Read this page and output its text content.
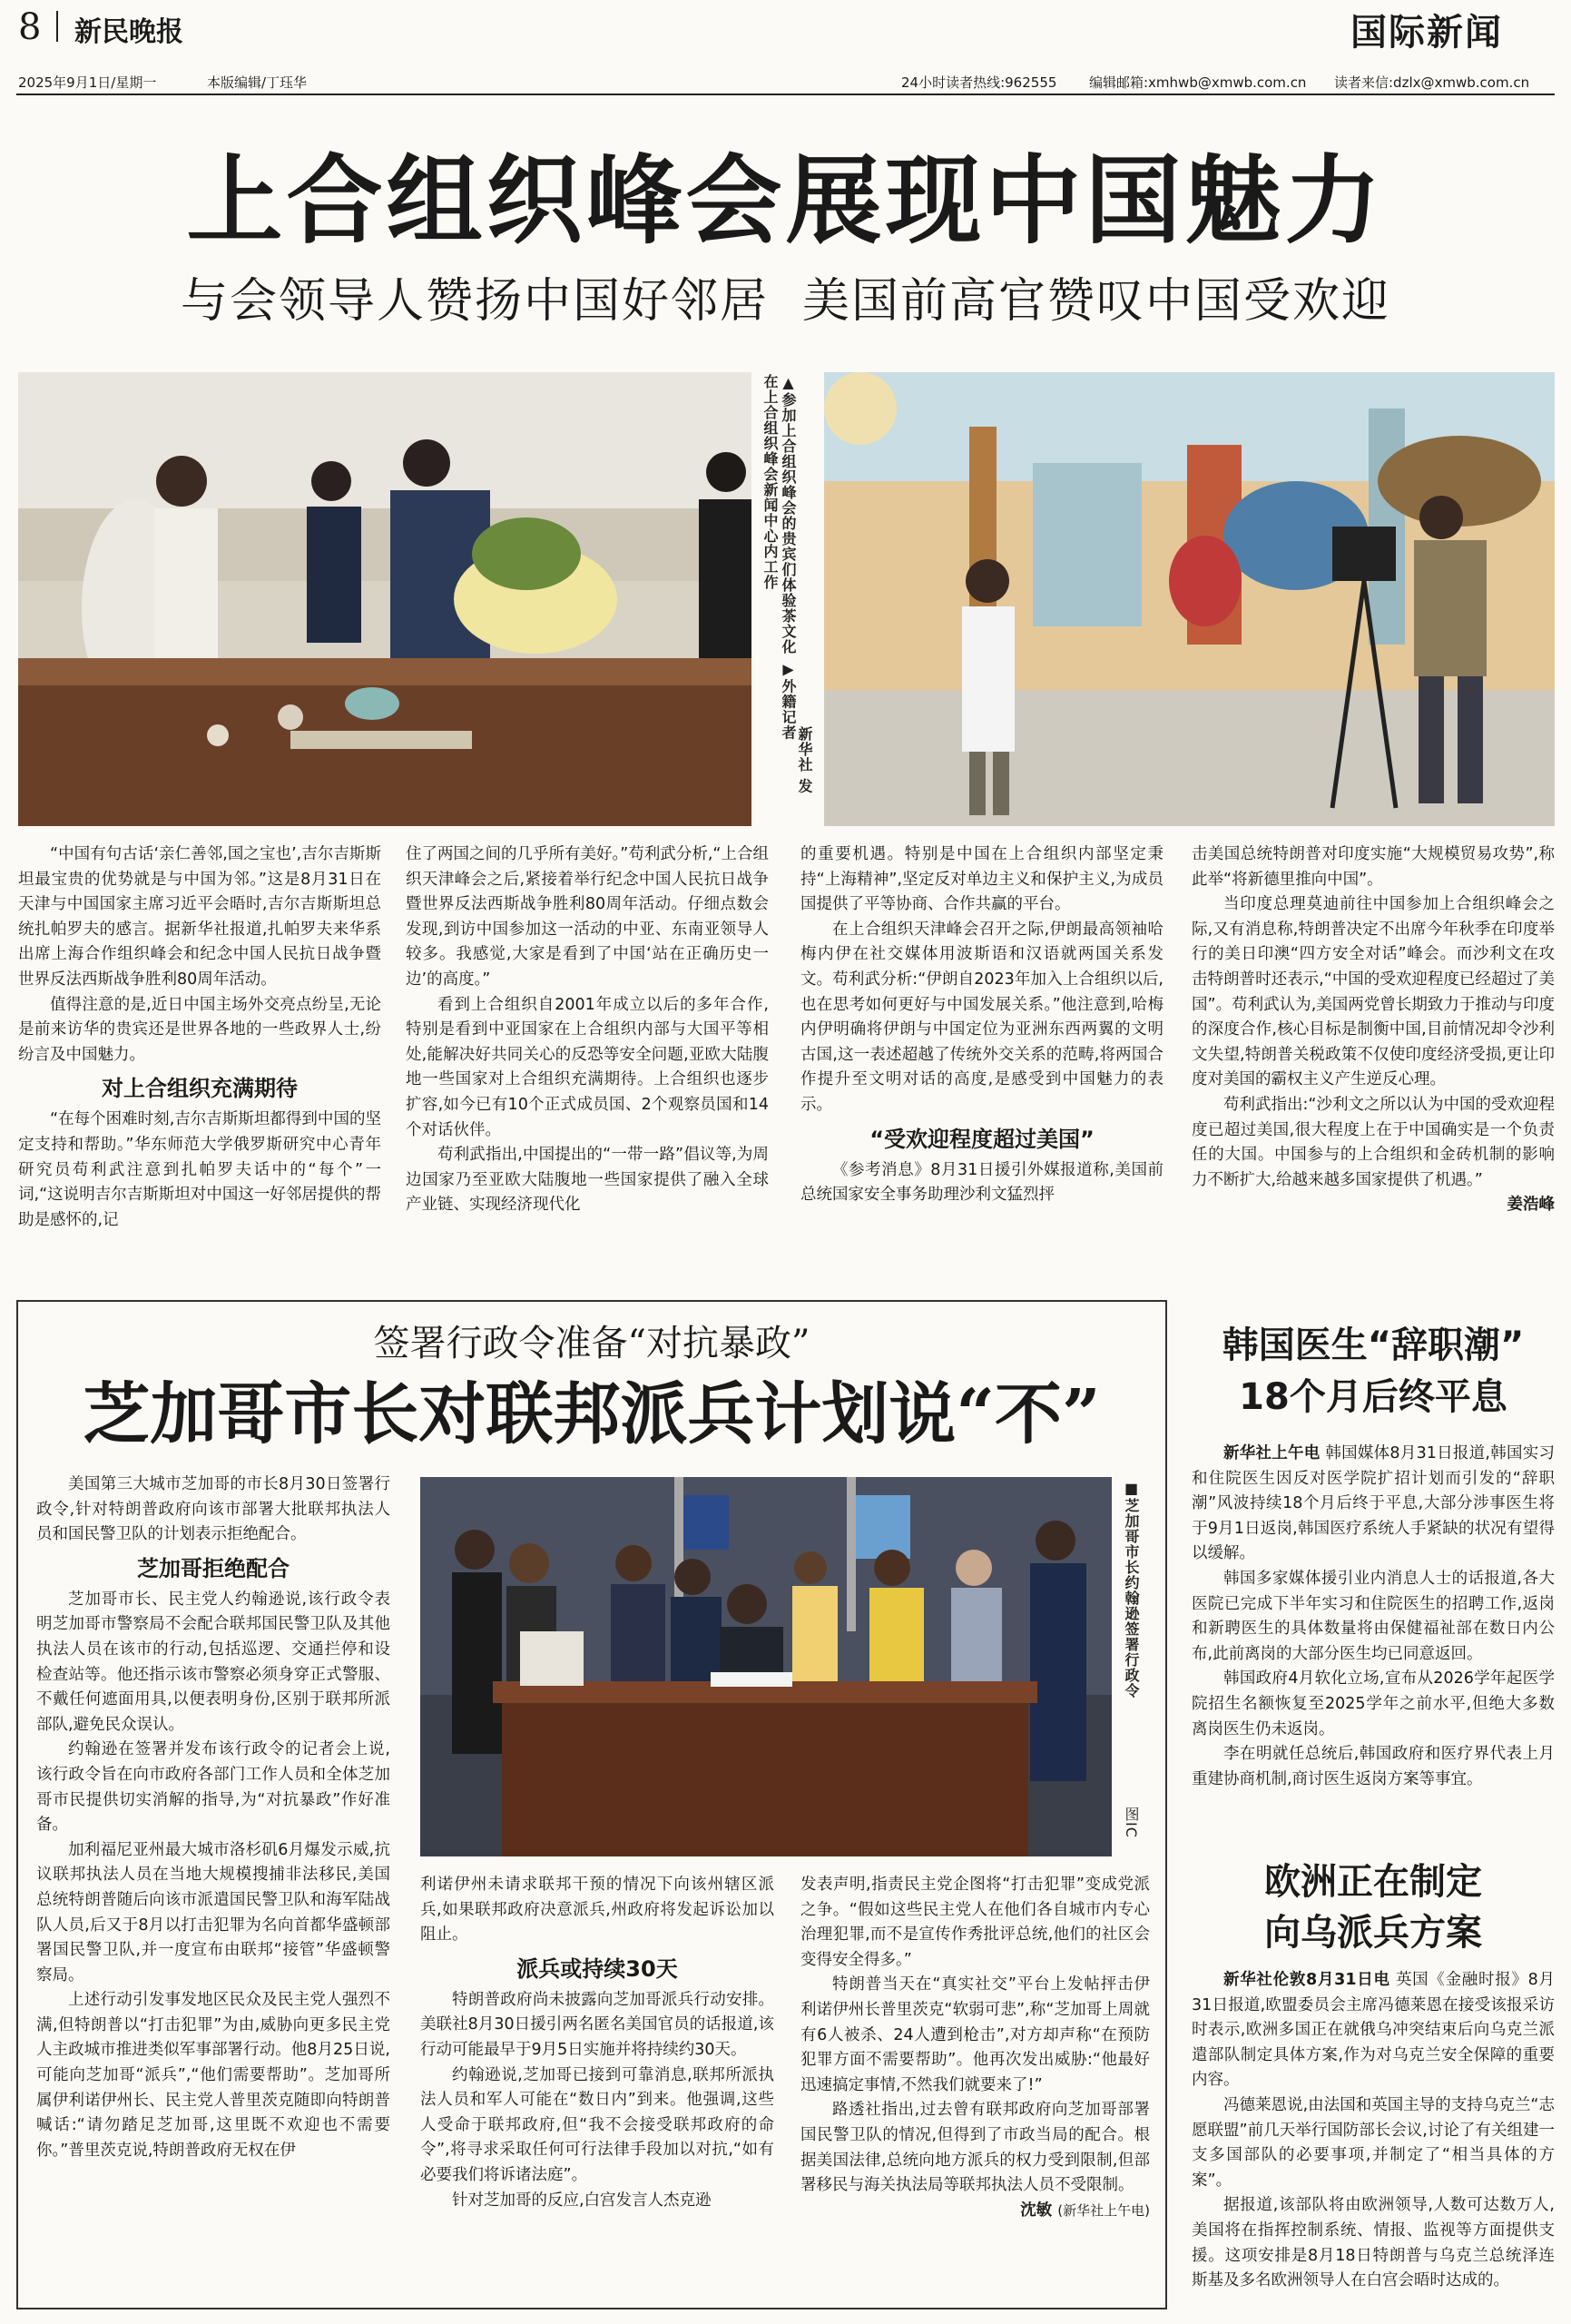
8 新民晚报	国际新闻
2025年9月1日/星期一	本版编辑/丁珏华	24小时读者热线:962555 编辑邮箱:xmhwb@xmwb.com.cn 读者来信:dzlx@xmwb.com.cn
上合组织峰会展现中国魅力
与会领导人赞扬中国好邻居  美国前高官赞叹中国受欢迎
▲参加上合组织峰会的贵宾们体验茶文化 ▶外籍记者在上合组织峰会新闻中心内工作
新华社 发

“中国有句古话‘亲仁善邻,国之宝也’,吉尔吉斯斯坦最宝贵的优势就是与中国为邻。”这是8月31日在天津与中国国家主席习近平会晤时,吉尔吉斯斯坦总统扎帕罗夫的感言。据新华社报道,扎帕罗夫来华系出席上海合作组织峰会和纪念中国人民抗日战争暨世界反法西斯战争胜利80周年活动。

值得注意的是,近日中国主场外交亮点纷呈,无论是前来访华的贵宾还是世界各地的一些政界人士,纷纷言及中国魅力。

对上合组织充满期待

“在每个困难时刻,吉尔吉斯斯坦都得到中国的坚定支持和帮助。”华东师范大学俄罗斯研究中心青年研究员苟利武注意到扎帕罗夫话中的“每个”一词,“这说明吉尔吉斯斯坦对中国这一好邻居提供的帮助是感怀的,记

住了两国之间的几乎所有美好。”苟利武分析,“上合组织天津峰会之后,紧接着举行纪念中国人民抗日战争暨世界反法西斯战争胜利80周年活动。仔细点数会发现,到访中国参加这一活动的中亚、东南亚领导人较多。我感觉,大家是看到了中国‘站在正确历史一边’的高度。”

看到上合组织自2001年成立以后的多年合作,特别是看到中亚国家在上合组织内部与大国平等相处,能解决好共同关心的反恐等安全问题,亚欧大陆腹地一些国家对上合组织充满期待。上合组织也逐步扩容,如今已有10个正式成员国、2个观察员国和14个对话伙伴。

苟利武指出,中国提出的“一带一路”倡议等,为周边国家乃至亚欧大陆腹地一些国家提供了融入全球产业链、实现经济现代化

的重要机遇。特别是中国在上合组织内部坚定秉持“上海精神”,坚定反对单边主义和保护主义,为成员国提供了平等协商、合作共赢的平台。

在上合组织天津峰会召开之际,伊朗最高领袖哈梅内伊在社交媒体用波斯语和汉语就两国关系发文。苟利武分析:“伊朗自2023年加入上合组织以后,也在思考如何更好与中国发展关系。”他注意到,哈梅内伊明确将伊朗与中国定位为亚洲东西两翼的文明古国,这一表述超越了传统外交关系的范畴,将两国合作提升至文明对话的高度,是感受到中国魅力的表示。

“受欢迎程度超过美国”

《参考消息》8月31日援引外媒报道称,美国前总统国家安全事务助理沙利文猛烈抨

击美国总统特朗普对印度实施“大规模贸易攻势”,称此举“将新德里推向中国”。

当印度总理莫迪前往中国参加上合组织峰会之际,又有消息称,特朗普决定不出席今年秋季在印度举行的美日印澳“四方安全对话”峰会。而沙利文在攻击特朗普时还表示,“中国的受欢迎程度已经超过了美国”。苟利武认为,美国两党曾长期致力于推动与印度的深度合作,核心目标是制衡中国,目前情况却令沙利文失望,特朗普关税政策不仅使印度经济受损,更让印度对美国的霸权主义产生逆反心理。

苟利武指出:“沙利文之所以认为中国的受欢迎程度已超过美国,很大程度上在于中国确实是一个负责任的大国。中国参与的上合组织和金砖机制的影响力不断扩大,给越来越多国家提供了机遇。”

姜浩峰

签署行政令准备“对抗暴政”
芝加哥市长对联邦派兵计划说“不”

美国第三大城市芝加哥的市长8月30日签署行政令,针对特朗普政府向该市部署大批联邦执法人员和国民警卫队的计划表示拒绝配合。

芝加哥拒绝配合

芝加哥市长、民主党人约翰逊说,该行政令表明芝加哥市警察局不会配合联邦国民警卫队及其他执法人员在该市的行动,包括巡逻、交通拦停和设检查站等。他还指示该市警察必须身穿正式警服、不戴任何遮面用具,以便表明身份,区别于联邦所派部队,避免民众误认。

约翰逊在签署并发布该行政令的记者会上说,该行政令旨在向市政府各部门工作人员和全体芝加哥市民提供切实消解的指导,为“对抗暴政”作好准备。

加利福尼亚州最大城市洛杉矶6月爆发示威,抗议联邦执法人员在当地大规模搜捕非法移民,美国总统特朗普随后向该市派遣国民警卫队和海军陆战队人员,后又于8月以打击犯罪为名向首都华盛顿部署国民警卫队,并一度宣布由联邦“接管”华盛顿警察局。

上述行动引发事发地区民众及民主党人强烈不满,但特朗普以“打击犯罪”为由,威胁向更多民主党人主政城市推进类似军事部署行动。他8月25日说,可能向芝加哥“派兵”,“他们需要帮助”。芝加哥所属伊利诺伊州长、民主党人普里茨克随即向特朗普喊话:“请勿踏足芝加哥,这里既不欢迎也不需要你。”普里茨克说,特朗普政府无权在伊

■芝加哥市长约翰逊签署行政令
图IC

利诺伊州未请求联邦干预的情况下向该州辖区派兵,如果联邦政府决意派兵,州政府将发起诉讼加以阻止。

派兵或持续30天

特朗普政府尚未披露向芝加哥派兵行动安排。美联社8月30日援引两名匿名美国官员的话报道,该行动可能最早于9月5日实施并将持续约30天。

约翰逊说,芝加哥已接到可靠消息,联邦所派执法人员和军人可能在“数日内”到来。他强调,这些人受命于联邦政府,但“我不会接受联邦政府的命令”,将寻求采取任何可行法律手段加以对抗,“如有必要我们将诉诸法庭”。

针对芝加哥的反应,白宫发言人杰克逊

发表声明,指责民主党企图将“打击犯罪”变成党派之争。“假如这些民主党人在他们各自城市内专心治理犯罪,而不是宣传作秀批评总统,他们的社区会变得安全得多。”

特朗普当天在“真实社交”平台上发帖抨击伊利诺伊州长普里茨克“软弱可悲”,称“芝加哥上周就有6人被杀、24人遭到枪击”,对方却声称“在预防犯罪方面不需要帮助”。他再次发出威胁:“他最好迅速搞定事情,不然我们就要来了!”

路透社指出,过去曾有联邦政府向芝加哥部署国民警卫队的情况,但得到了市政当局的配合。根据美国法律,总统向地方派兵的权力受到限制,但部署移民与海关执法局等联邦执法人员不受限制。

沈敏 (新华社上午电)

韩国医生“辞职潮”
18个月后终平息

新华社上午电 韩国媒体8月31日报道,韩国实习和住院医生因反对医学院扩招计划而引发的“辞职潮”风波持续18个月后终于平息,大部分涉事医生将于9月1日返岗,韩国医疗系统人手紧缺的状况有望得以缓解。

韩国多家媒体援引业内消息人士的话报道,各大医院已完成下半年实习和住院医生的招聘工作,返岗和新聘医生的具体数量将由保健福祉部在数日内公布,此前离岗的大部分医生均已同意返回。

韩国政府4月软化立场,宣布从2026学年起医学院招生名额恢复至2025学年之前水平,但绝大多数离岗医生仍未返岗。

李在明就任总统后,韩国政府和医疗界代表上月重建协商机制,商讨医生返岗方案等事宜。

欧洲正在制定
向乌派兵方案

新华社伦敦8月31日电 英国《金融时报》8月31日报道,欧盟委员会主席冯德莱恩在接受该报采访时表示,欧洲多国正在就俄乌冲突结束后向乌克兰派遣部队制定具体方案,作为对乌克兰安全保障的重要内容。

冯德莱恩说,由法国和英国主导的支持乌克兰“志愿联盟”前几天举行国防部长会议,讨论了有关组建一支多国部队的必要事项,并制定了“相当具体的方案”。

据报道,该部队将由欧洲领导,人数可达数万人,美国将在指挥控制系统、情报、监视等方面提供支援。这项安排是8月18日特朗普与乌克兰总统泽连斯基及多名欧洲领导人在白宫会晤时达成的。
